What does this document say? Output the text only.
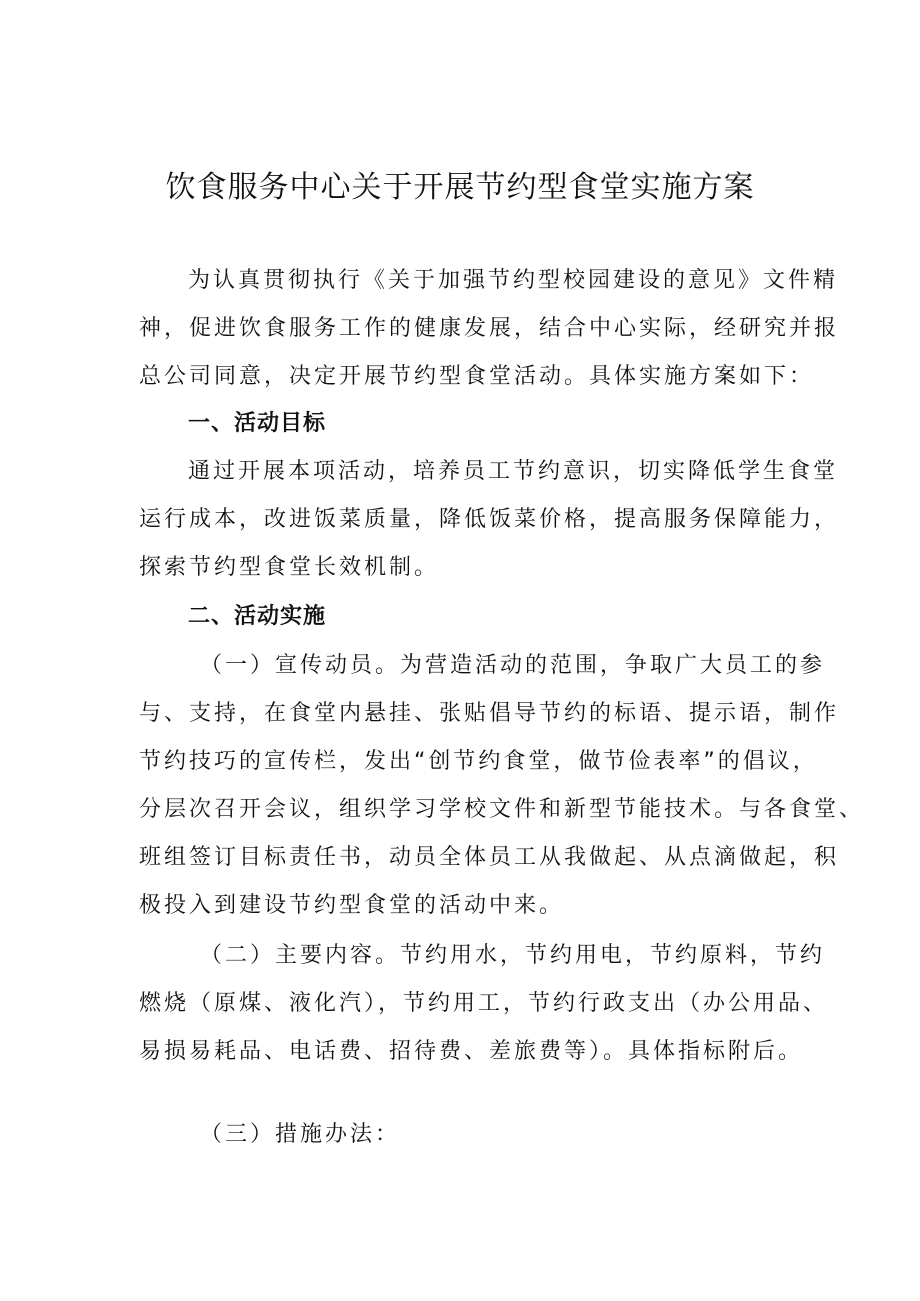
饮食服务中心关于开展节约型食堂实施方案
为认真贯彻执行《关于加强节约型校园建设的意见》文件精
神，促进饮食服务工作的健康发展，结合中心实际，经研究并报
总公司同意，决定开展节约型食堂活动。具体实施方案如下：
一、活动目标
通过开展本项活动，培养员工节约意识，切实降低学生食堂
运行成本，改进饭菜质量，降低饭菜价格，提高服务保障能力，
探索节约型食堂长效机制。
二、活动实施
（一）宣传动员。为营造活动的范围，争取广大员工的参
与、支持，在食堂内悬挂、张贴倡导节约的标语、提示语，制作
节约技巧的宣传栏，发出“创节约食堂，做节俭表率”的倡议，
分层次召开会议，组织学习学校文件和新型节能技术。与各食堂、
班组签订目标责任书，动员全体员工从我做起、从点滴做起，积
极投入到建设节约型食堂的活动中来。
（二）主要内容。节约用水，节约用电，节约原料，节约
燃烧（原煤、液化汽），节约用工，节约行政支出（办公用品、
易损易耗品、电话费、招待费、差旅费等）。具体指标附后。
（三）措施办法：
